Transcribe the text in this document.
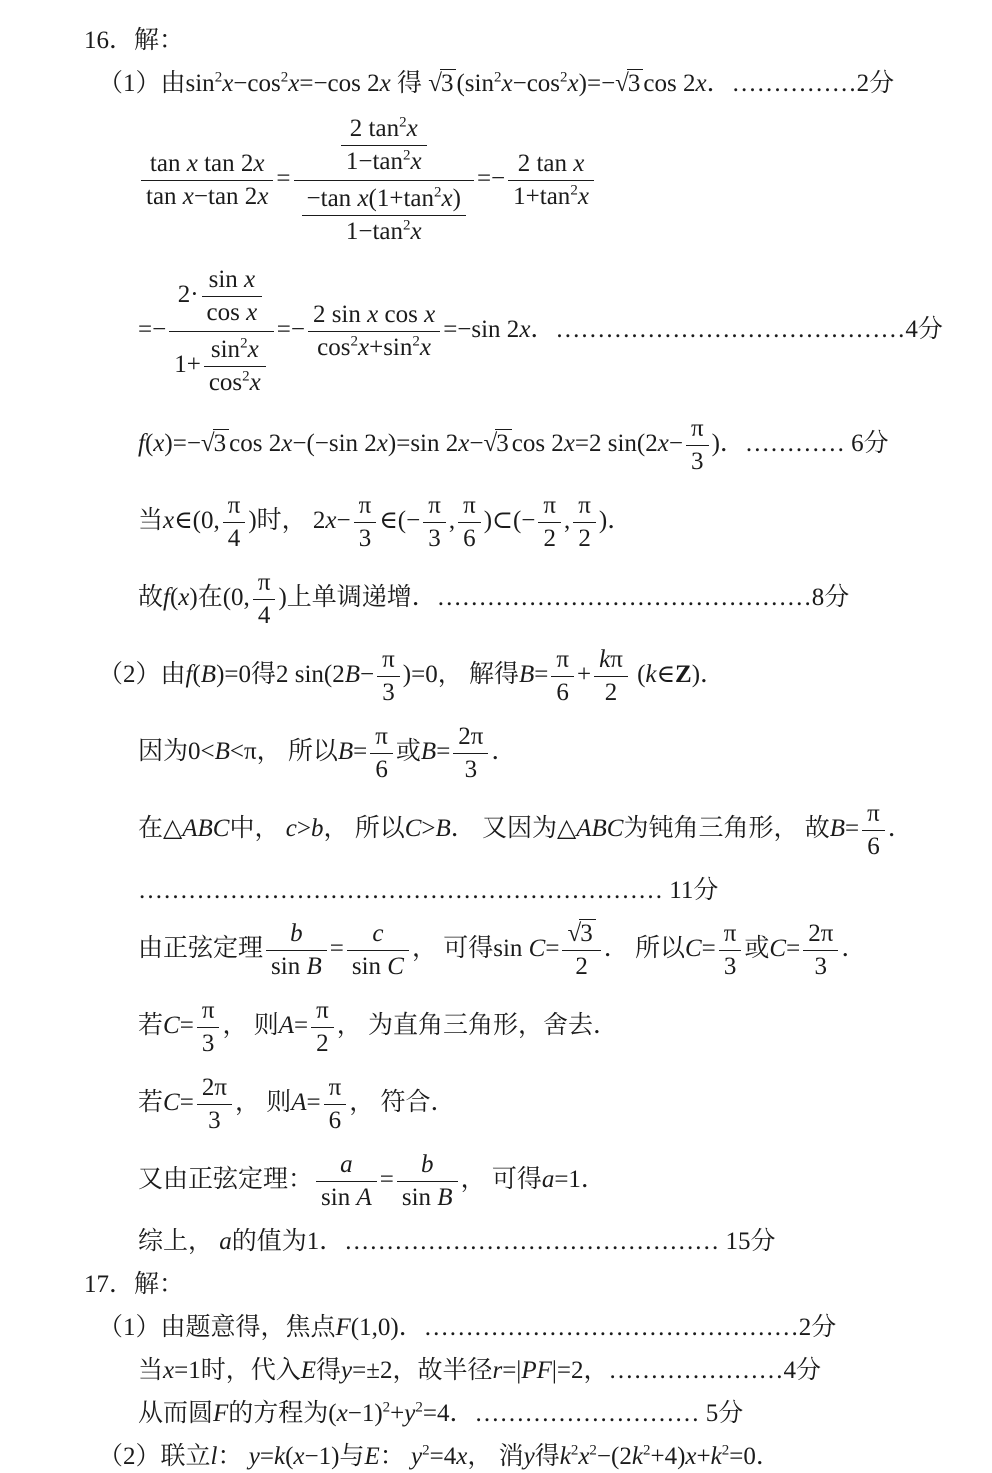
16．解：
（1）由$\sin^2x-\cos^2x=-\cos$ 2x 得 √3 $(\sin^2x-\cos^2x)=-√3$ cos 2x．……………2分
$\frac{\text{tan x tan 2x}}{\text{tan x−tan 2x}} = \frac{\frac{2 \tan^2x}{1-\tan^2x}}{\frac{-\tan x(1+\tan^2x)}{1-\tan^2x}} =- \frac{\text{2 tan x}}{1+\tan^2x}$
=− $\frac{2\cdot \frac{\text{sin x}}{\text{cos x}}}{1+ \frac{\sin^2x}{\cos^2x}} =- \frac{\text{2 sin x cos x}}{\cos^2x+\sin^2x} =-\sin$ 2x．……………………………………4分
f(x)=−√3 cos 2x−(−sin 2x)=sin 2x−√3 cos 2x=2 $\sin(2x- \frac{\pi}{3}$ )．………… 6分
当x∈(0, $\frac{\pi}{4}$ )时， $2x- \frac{\pi}{3}$ ∈(− $\frac{\pi}{3}$ , $\frac{\pi}{6}$ )⊂(− $\frac{\pi}{2}$ , $\frac{\pi}{2}$ )．
故f(x)在(0, $\frac{\pi}{4}$ )上单调递增．………………………………………8分
（2）由f(B)=0得2 $\sin(2B- \frac{\pi}{3} )=0$， 解得$B= \frac{\pi}{6} + \frac{k\pi}{2}$ (k∈Z)．
因为0<B<π， 所以$B= \frac{\pi}{6}$ 或$B= \frac{2\pi}{3}$ ．
在△ABC中， c>b， 所以C>B． 又因为△ABC为钝角三角形， 故$B= \frac{\pi}{6}$ ．
……………………………………………………… 11分
由正弦定理 $\frac{b}{\text{sin B}} = \frac{c}{\text{sin C}}$ ， 可得$\sin C= \frac{√3}{2}$ ． 所以$C= \frac{\pi}{3}$ 或$C= \frac{2\pi}{3}$ ．
若$C= \frac{\pi}{3}$ ， 则$A= \frac{\pi}{2}$ ， 为直角三角形，舍去．
若$C= \frac{2\pi}{3}$ ， 则$A= \frac{\pi}{6}$ ， 符合．
又由正弦定理： $\frac{a}{\text{sin A}} = \frac{b}{\text{sin B}}$ ， 可得a=1．
综上， a的值为1．……………………………………… 15分
17．解：
（1）由题意得，焦点F(1,0)．………………………………………2分
当x=1时，代入E得y=±2，故半径r=|PF|=2，…………………4分
从而圆F的方程为$(x-1)^2+y^2=4$．……………………… 5分
（2）联立l： y=k(x−1)与E： $y^2=4x$， 消y得$k^2x^2-(2k^2+4)x+k^2=0$．
